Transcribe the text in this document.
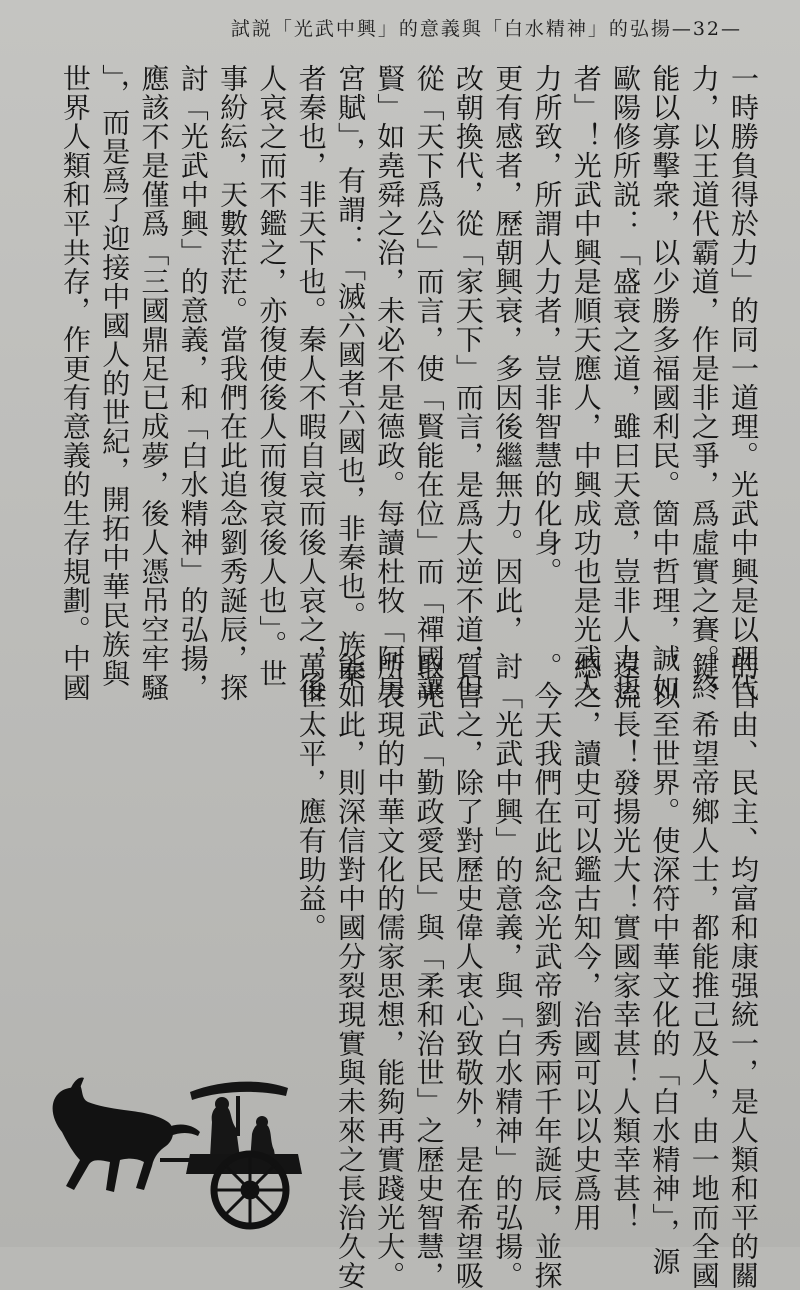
試説「光武中興」的意義與「白水精神」的弘揚—32—
一時勝負得於力」的同一道理。光武中興是以理代
力，以王道代霸道，作是非之爭，爲虛實之賽。終
能以寡擊衆，以少勝多福國利民。箇中哲理，誠如
歐陽修所説：「盛衰之道，雖曰天意，豈非人力也
者」！光武中興是順天應人，中興成功也是光武人
力所致，所謂人力者，豈非智慧的化身。
更有感者，歷朝興衰，多因後繼無力。因此，
改朝換代，從「家天下」而言，是爲大逆不道，但
從「天下爲公」而言，使「賢能在位」而「禪國讓
賢」如堯舜之治，未必不是德政。每讀杜牧「阿房
宮賦」，有謂：「滅六國者六國也，非秦也。族秦
者秦也，非天下也。秦人不暇自哀而後人哀之，後
人哀之而不鑑之，亦復使後人而復哀後人也」。世
事紛紜，天數茫茫。當我們在此追念劉秀誕辰，探
討「光武中興」的意義，和「白水精神」的弘揚，
應該不是僅爲「三國鼎足已成夢，後人憑吊空牢騷
」，而是爲了迎接中國人的世紀，開拓中華民族與
世界人類和平共存，作更有意義的生存規劃。中國
的自由、民主、均富和康强統一，是人類和平的關
鍵，希望帝鄉人士，都能推己及人，由一地而全國
，以至世界。使深符中華文化的「白水精神」，源
遠流長！發揚光大！實國家幸甚！人類幸甚！
總之，讀史可以鑑古知今，治國可以以史爲用
。今天我們在此紀念光武帝劉秀兩千年誕辰，並探
討「光武中興」的意義，與「白水精神」的弘揚。
質言之，除了對歷史偉人衷心致敬外，是在希望吸
取光武「勤政愛民」與「柔和治世」之歷史智慧，
所表現的中華文化的儒家思想，能夠再實踐光大。
能如此，則深信對中國分裂現實與未來之長治久安
萬世太平，應有助益。
